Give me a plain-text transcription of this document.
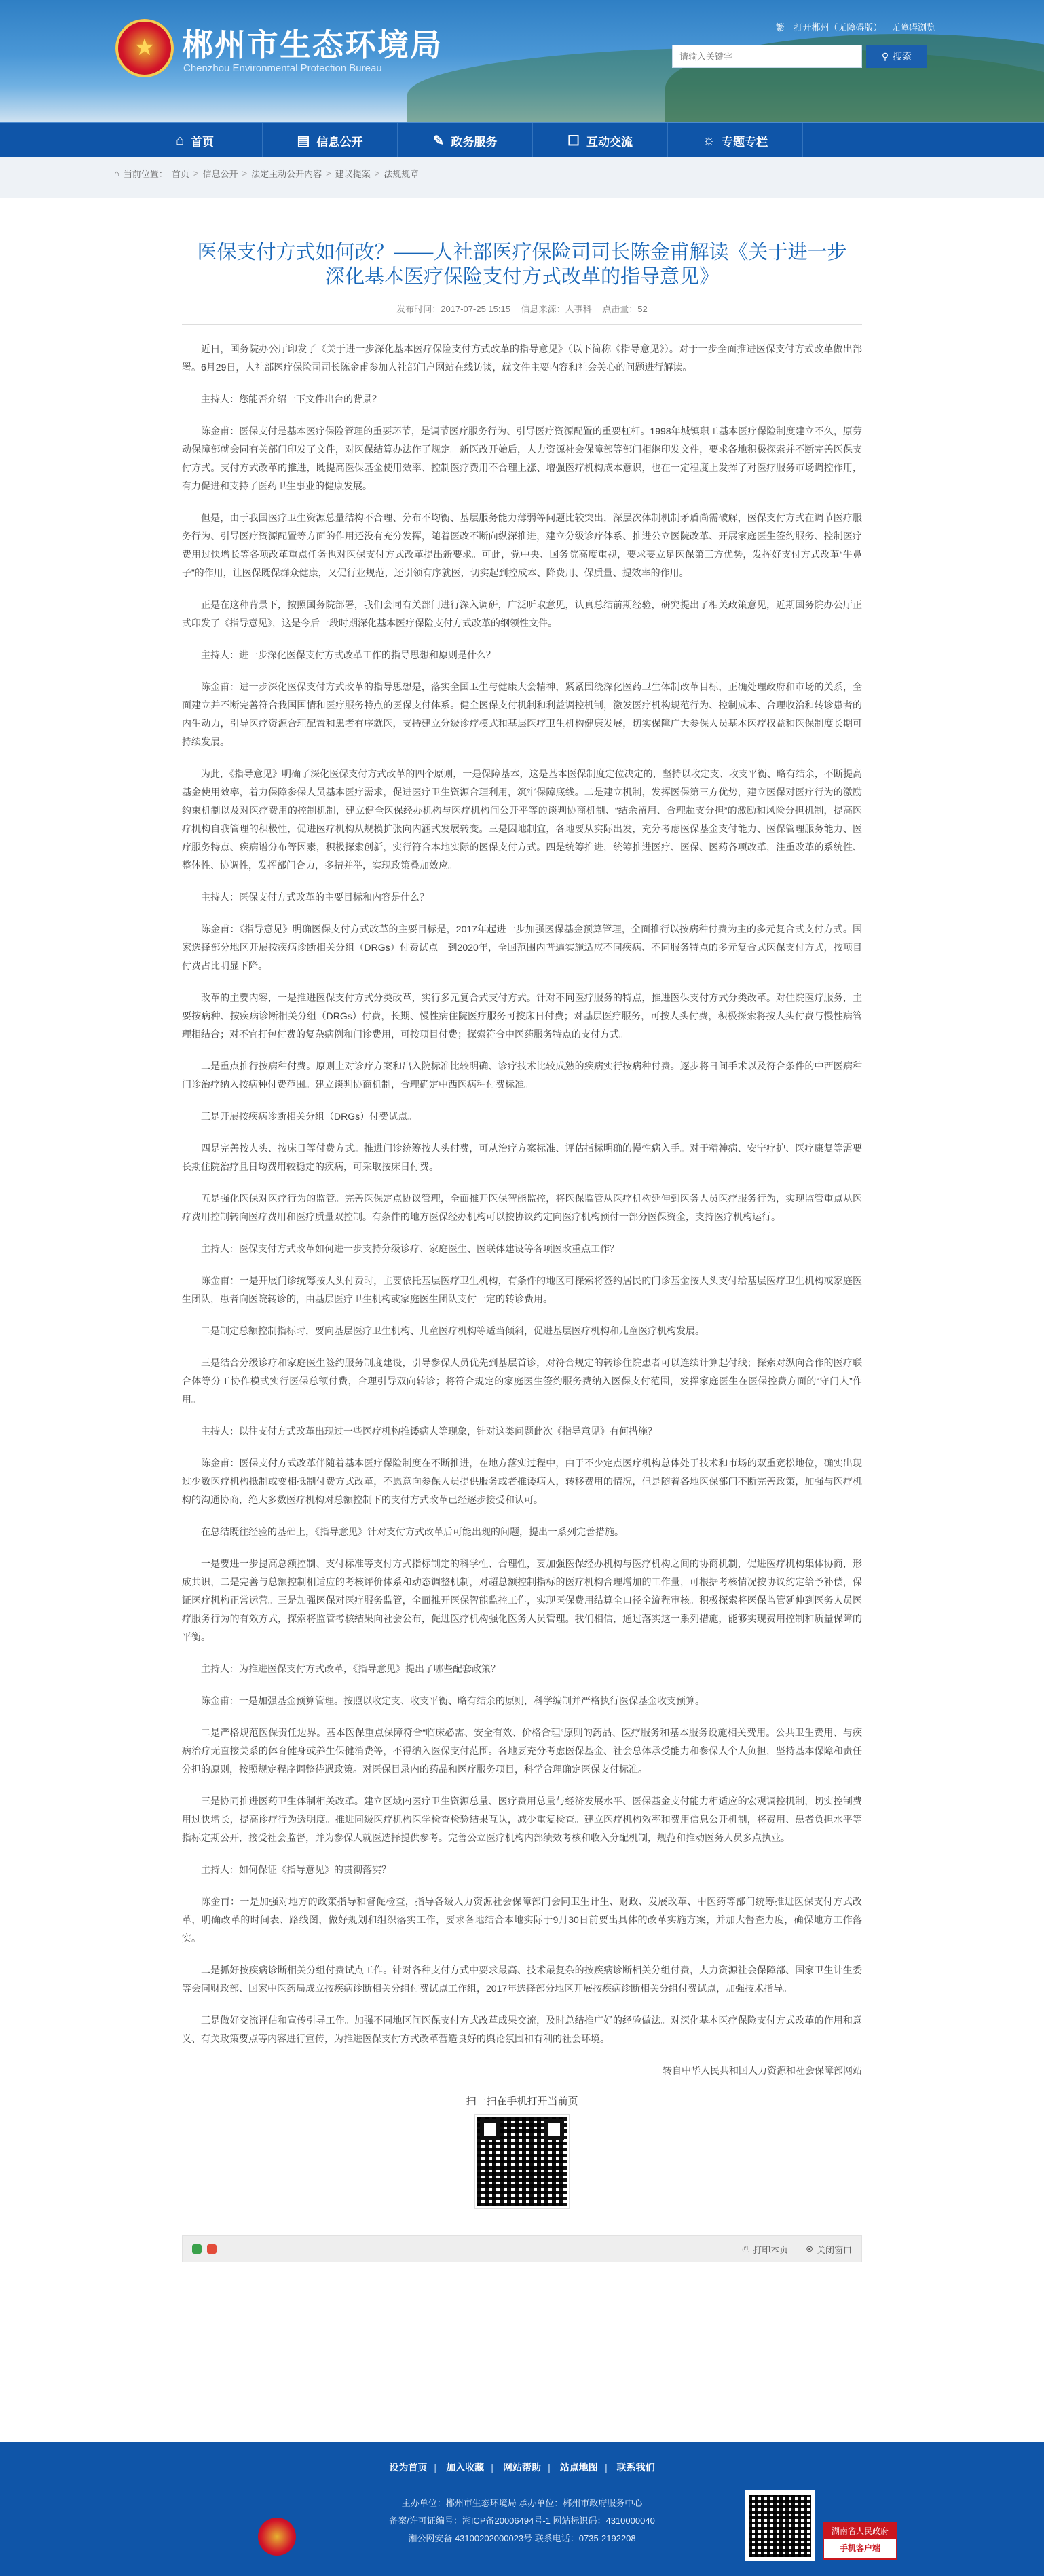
★ 郴州市生态环境局
Chenzhou Environmental Protection Bureau
繁 打开郴州（无障碍版） 无障碍浏览
请输入关键字
⚲ 搜索
⌂ 首页	▤ 信息公开	✎ 政务服务	☐ 互动交流	☼ 专题专栏
⌂ 当前位置： 首页 > 信息公开 > 法定主动公开内容 > 建议提案 > 法规规章
医保支付方式如何改？——人社部医疗保险司司长陈金甫解读《关于进一步
深化基本医疗保险支付方式改革的指导意见》
发布时间：2017-07-25 15:15 信息来源：人事科 点击量：52

近日，国务院办公厅印发了《关于进一步深化基本医疗保险支付方式改革的指导意见》（以下简称《指导意见》）。对于一步全面推进医保支付方式改革做出部署。6月29日，人社部医疗保险司司长陈金甫参加人社部门户网站在线访谈，就文件主要内容和社会关心的问题进行解读。

主持人：您能否介绍一下文件出台的背景？

陈金甫：医保支付是基本医疗保险管理的重要环节，是调节医疗服务行为、引导医疗资源配置的重要杠杆。1998年城镇职工基本医疗保险制度建立不久，原劳动保障部就会同有关部门印发了文件，对医保结算办法作了规定。新医改开始后，人力资源社会保障部等部门相继印发文件，要求各地积极探索并不断完善医保支付方式。支付方式改革的推进，既提高医保基金使用效率、控制医疗费用不合理上涨、增强医疗机构成本意识，也在一定程度上发挥了对医疗服务市场调控作用，有力促进和支持了医药卫生事业的健康发展。

但是，由于我国医疗卫生资源总量结构不合理、分布不均衡、基层服务能力薄弱等问题比较突出，深层次体制机制矛盾尚需破解，医保支付方式在调节医疗服务行为、引导医疗资源配置等方面的作用还没有充分发挥，随着医改不断向纵深推进，建立分级诊疗体系、推进公立医院改革、开展家庭医生签约服务、控制医疗费用过快增长等各项改革重点任务也对医保支付方式改革提出新要求。可此，党中央、国务院高度重视，要求要立足医保第三方优势，发挥好支付方式改革“牛鼻子”的作用，让医保既保群众健康，又促行业规范，还引领有序就医，切实起到控成本、降费用、保质量、提效率的作用。

正是在这种背景下，按照国务院部署，我们会同有关部门进行深入调研，广泛听取意见，认真总结前期经验，研究提出了相关政策意见，近期国务院办公厅正式印发了《指导意见》，这是今后一段时期深化基本医疗保险支付方式改革的纲领性文件。

主持人：进一步深化医保支付方式改革工作的指导思想和原则是什么？

陈金甫：进一步深化医保支付方式改革的指导思想是，落实全国卫生与健康大会精神，紧紧围绕深化医药卫生体制改革目标，正确处理政府和市场的关系，全面建立并不断完善符合我国国情和医疗服务特点的医保支付体系。健全医保支付机制和利益调控机制，激发医疗机构规范行为、控制成本、合理收治和转诊患者的内生动力，引导医疗资源合理配置和患者有序就医，支持建立分级诊疗模式和基层医疗卫生机构健康发展，切实保障广大参保人员基本医疗权益和医保制度长期可持续发展。

为此，《指导意见》明确了深化医保支付方式改革的四个原则，一是保障基本，这是基本医保制度定位决定的，坚持以收定支、收支平衡、略有结余，不断提高基金使用效率，着力保障参保人员基本医疗需求，促进医疗卫生资源合理利用，筑牢保障底线。二是建立机制，发挥医保第三方优势，建立医保对医疗行为的激励约束机制以及对医疗费用的控制机制，建立健全医保经办机构与医疗机构间公开平等的谈判协商机制、“结余留用、合理超支分担”的激励和风险分担机制，提高医疗机构自我管理的积极性，促进医疗机构从规模扩张向内涵式发展转变。三是因地制宜，各地要从实际出发，充分考虑医保基金支付能力、医保管理服务能力、医疗服务特点、疾病谱分布等因素，积极探索创新，实行符合本地实际的医保支付方式。四是统筹推进，统筹推进医疗、医保、医药各项改革，注重改革的系统性、整体性、协调性，发挥部门合力，多措并举，实现政策叠加效应。

主持人：医保支付方式改革的主要目标和内容是什么？

陈金甫：《指导意见》明确医保支付方式改革的主要目标是，2017年起进一步加强医保基金预算管理，全面推行以按病种付费为主的多元复合式支付方式。国家选择部分地区开展按疾病诊断相关分组（DRGs）付费试点。到2020年，全国范围内普遍实施适应不同疾病、不同服务特点的多元复合式医保支付方式，按项目付费占比明显下降。

改革的主要内容，一是推进医保支付方式分类改革，实行多元复合式支付方式。针对不同医疗服务的特点，推进医保支付方式分类改革。对住院医疗服务，主要按病种、按疾病诊断相关分组（DRGs）付费，长期、慢性病住院医疗服务可按床日付费；对基层医疗服务，可按人头付费，积极探索将按人头付费与慢性病管理相结合；对不宜打包付费的复杂病例和门诊费用，可按项目付费；探索符合中医药服务特点的支付方式。

二是重点推行按病种付费。原则上对诊疗方案和出入院标准比较明确、诊疗技术比较成熟的疾病实行按病种付费。逐步将日间手术以及符合条件的中西医病种门诊治疗纳入按病种付费范围。建立谈判协商机制，合理确定中西医病种付费标准。

三是开展按疾病诊断相关分组（DRGs）付费试点。

四是完善按人头、按床日等付费方式。推进门诊统筹按人头付费，可从治疗方案标准、评估指标明确的慢性病入手。对于精神病、安宁疗护、医疗康复等需要长期住院治疗且日均费用较稳定的疾病，可采取按床日付费。

五是强化医保对医疗行为的监管。完善医保定点协议管理，全面推开医保智能监控，将医保监管从医疗机构延伸到医务人员医疗服务行为，实现监管重点从医疗费用控制转向医疗费用和医疗质量双控制。有条件的地方医保经办机构可以按协议约定向医疗机构预付一部分医保资金，支持医疗机构运行。

主持人：医保支付方式改革如何进一步支持分级诊疗、家庭医生、医联体建设等各项医改重点工作？

陈金甫：一是开展门诊统筹按人头付费时，主要依托基层医疗卫生机构，有条件的地区可探索将签约居民的门诊基金按人头支付给基层医疗卫生机构或家庭医生团队，患者向医院转诊的，由基层医疗卫生机构或家庭医生团队支付一定的转诊费用。

二是制定总额控制指标时，要向基层医疗卫生机构、儿童医疗机构等适当倾斜，促进基层医疗机构和儿童医疗机构发展。

三是结合分级诊疗和家庭医生签约服务制度建设，引导参保人员优先到基层首诊，对符合规定的转诊住院患者可以连续计算起付线；探索对纵向合作的医疗联合体等分工协作模式实行医保总额付费，合理引导双向转诊；将符合规定的家庭医生签约服务费纳入医保支付范围，发挥家庭医生在医保控费方面的“守门人”作用。

主持人：以往支付方式改革出现过一些医疗机构推诿病人等现象，针对这类问题此次《指导意见》有何措施？

陈金甫：医保支付方式改革伴随着基本医疗保险制度在不断推进，在地方落实过程中，由于不少定点医疗机构总体处于技术和市场的双重宽松地位，确实出现过少数医疗机构抵制或变相抵制付费方式改革，不愿意向参保人员提供服务或者推诿病人，转移费用的情况，但是随着各地医保部门不断完善政策，加强与医疗机构的沟通协商，绝大多数医疗机构对总额控制下的支付方式改革已经逐步接受和认可。

在总结既往经验的基础上，《指导意见》针对支付方式改革后可能出现的问题，提出一系列完善措施。

一是要进一步提高总额控制、支付标准等支付方式指标制定的科学性、合理性，要加强医保经办机构与医疗机构之间的协商机制，促进医疗机构集体协商，形成共识，二是完善与总额控制相适应的考核评价体系和动态调整机制，对超总额控制指标的医疗机构合理增加的工作量，可根据考核情况按协议约定给予补偿，保证医疗机构正常运营。三是加强医保对医疗服务监管，全面推开医保智能监控工作，实现医保费用结算全口径全流程审核。积极探索将医保监管延伸到医务人员医疗服务行为的有效方式，探索将监管考核结果向社会公布，促进医疗机构强化医务人员管理。我们相信，通过落实这一系列措施，能够实现费用控制和质量保障的平衡。

主持人：为推进医保支付方式改革，《指导意见》提出了哪些配套政策？

陈金甫：一是加强基金预算管理。按照以收定支、收支平衡、略有结余的原则，科学编制并严格执行医保基金收支预算。

二是严格规范医保责任边界。基本医保重点保障符合“临床必需、安全有效、价格合理”原则的药品、医疗服务和基本服务设施相关费用。公共卫生费用、与疾病治疗无直接关系的体育健身或养生保健消费等，不得纳入医保支付范围。各地要充分考虑医保基金、社会总体承受能力和参保人个人负担，坚持基本保障和责任分担的原则，按照规定程序调整待遇政策。对医保目录内的药品和医疗服务项目，科学合理确定医保支付标准。

三是协同推进医药卫生体制相关改革。建立区域内医疗卫生资源总量、医疗费用总量与经济发展水平、医保基金支付能力相适应的宏观调控机制，切实控制费用过快增长，提高诊疗行为透明度。推进同级医疗机构医学检查检验结果互认，减少重复检查。建立医疗机构效率和费用信息公开机制，将费用、患者负担水平等指标定期公开，接受社会监督，并为参保人就医选择提供参考。完善公立医疗机构内部绩效考核和收入分配机制，规范和推动医务人员多点执业。

主持人：如何保证《指导意见》的贯彻落实？

陈金甫：一是加强对地方的政策指导和督促检查，指导各级人力资源社会保障部门会同卫生计生、财政、发展改革、中医药等部门统筹推进医保支付方式改革，明确改革的时间表、路线图，做好规划和组织落实工作，要求各地结合本地实际于9月30日前要出具体的改革实施方案，并加大督查力度，确保地方工作落实。

二是抓好按疾病诊断相关分组付费试点工作。针对各种支付方式中要求最高、技术最复杂的按疾病诊断相关分组付费，人力资源社会保障部、国家卫生计生委等会同财政部、国家中医药局成立按疾病诊断相关分组付费试点工作组，2017年选择部分地区开展按疾病诊断相关分组付费试点，加强技术指导。

三是做好交流评估和宣传引导工作。加强不同地区间医保支付方式改革成果交流，及时总结推广好的经验做法。对深化基本医疗保险支付方式改革的作用和意义、有关政策要点等内容进行宣传，为推进医保支付方式改革营造良好的舆论氛围和有利的社会环境。

转自中华人民共和国人力资源和社会保障部网站

扫一扫在手机打开当前页
⎙ 打印本页 ⊗ 关闭窗口
设为首页 | 加入收藏 | 网站帮助 | 站点地图 | 联系我们
主办单位：郴州市生态环境局 承办单位：郴州市政府服务中心
备案/许可证编号：湘ICP备20006494号-1 网站标识码：4310000040
湘公网安备 43100202000023号 联系电话：0735-2192208
湖南省人民政府
手机客户端
